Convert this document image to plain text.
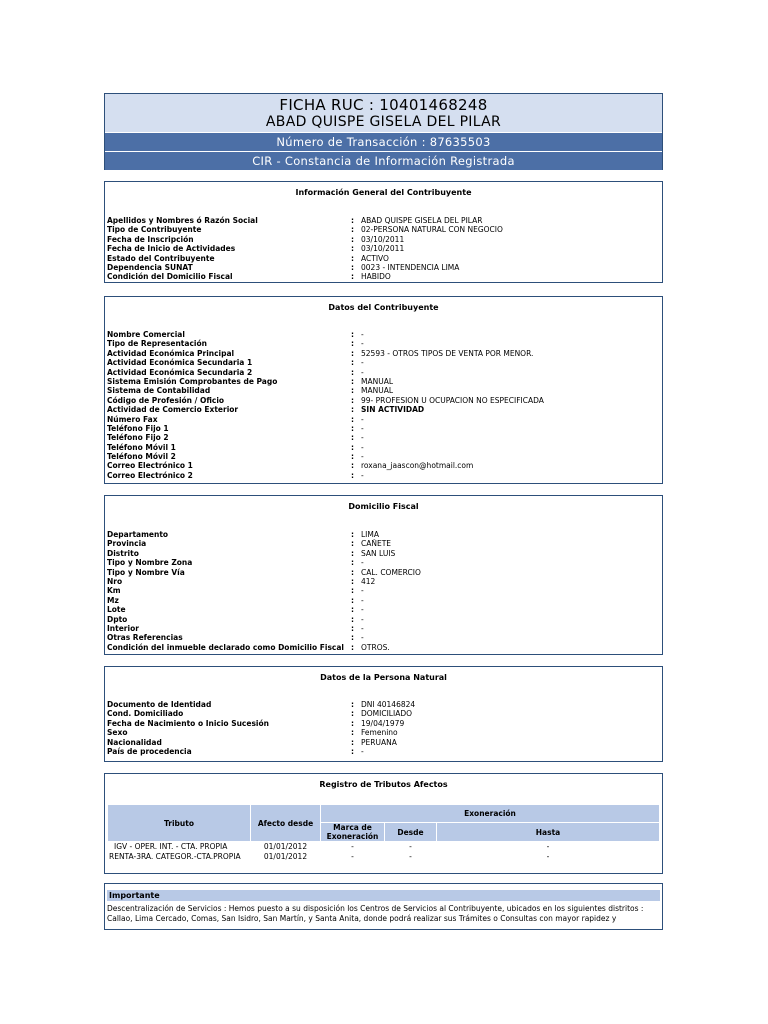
FICHA RUC : 10401468248
ABAD QUISPE GISELA DEL PILAR
Número de Transacción : 87635503
CIR - Constancia de Información Registrada
Información General del Contribuyente
Apellidos y Nombres ó Razón Social	: ABAD QUISPE GISELA DEL PILAR
Tipo de Contribuyente	: 02-PERSONA NATURAL CON NEGOCIO
Fecha de Inscripción	: 03/10/2011
Fecha de Inicio de Actividades	: 03/10/2011
Estado del Contribuyente	: ACTIVO
Dependencia SUNAT	: 0023 - INTENDENCIA LIMA
Condición del Domicilio Fiscal	: HABIDO
Datos del Contribuyente
Nombre Comercial	: -
Tipo de Representación	: -
Actividad Económica Principal	: 52593 - OTROS TIPOS DE VENTA POR MENOR.
Actividad Económica Secundaria 1	: -
Actividad Económica Secundaria 2	: -
Sistema Emisión Comprobantes de Pago	: MANUAL
Sistema de Contabilidad	: MANUAL
Código de Profesión / Oficio	: 99- PROFESION U OCUPACION NO ESPECIFICADA
Actividad de Comercio Exterior	: SIN ACTIVIDAD
Número Fax	: -
Teléfono Fijo 1	: -
Teléfono Fijo 2	: -
Teléfono Móvil 1	: -
Teléfono Móvil 2	: -
Correo Electrónico 1	: roxana_jaascon@hotmail.com
Correo Electrónico 2	: -
Domicilio Fiscal
Departamento	: LIMA
Provincia	: CAÑETE
Distrito	: SAN LUIS
Tipo y Nombre Zona	: -
Tipo y Nombre Vía	: CAL. COMERCIO
Nro	: 412
Km	: -
Mz	: -
Lote	: -
Dpto	: -
Interior	: -
Otras Referencias	: -
Condición del inmueble declarado como Domicilio Fiscal : OTROS.
Datos de la Persona Natural
Documento de Identidad	: DNI 40146824
Cond. Domiciliado	: DOMICILIADO
Fecha de Nacimiento o Inicio Sucesión	: 19/04/1979
Sexo	: Femenino
Nacionalidad	: PERUANA
País de procedencia	: -
Registro de Tributos Afectos
Tributo	Afecto desde	Exoneración		
		Marca de Exoneración	Desde	Hasta
IGV - OPER. INT. - CTA. PROPIA	01/01/2012	-	-	-
RENTA-3RA. CATEGOR.-CTA.PROPIA	01/01/2012	-	-	-
Importante
Descentralización de Servicios : Hemos puesto a su disposición los Centros de Servicios al Contribuyente, ubicados en los siguientes distritos : Callao, Lima Cercado, Comas, San Isidro, San Martín, y Santa Anita, donde podrá realizar sus Trámites o Consultas con mayor rapidez y
